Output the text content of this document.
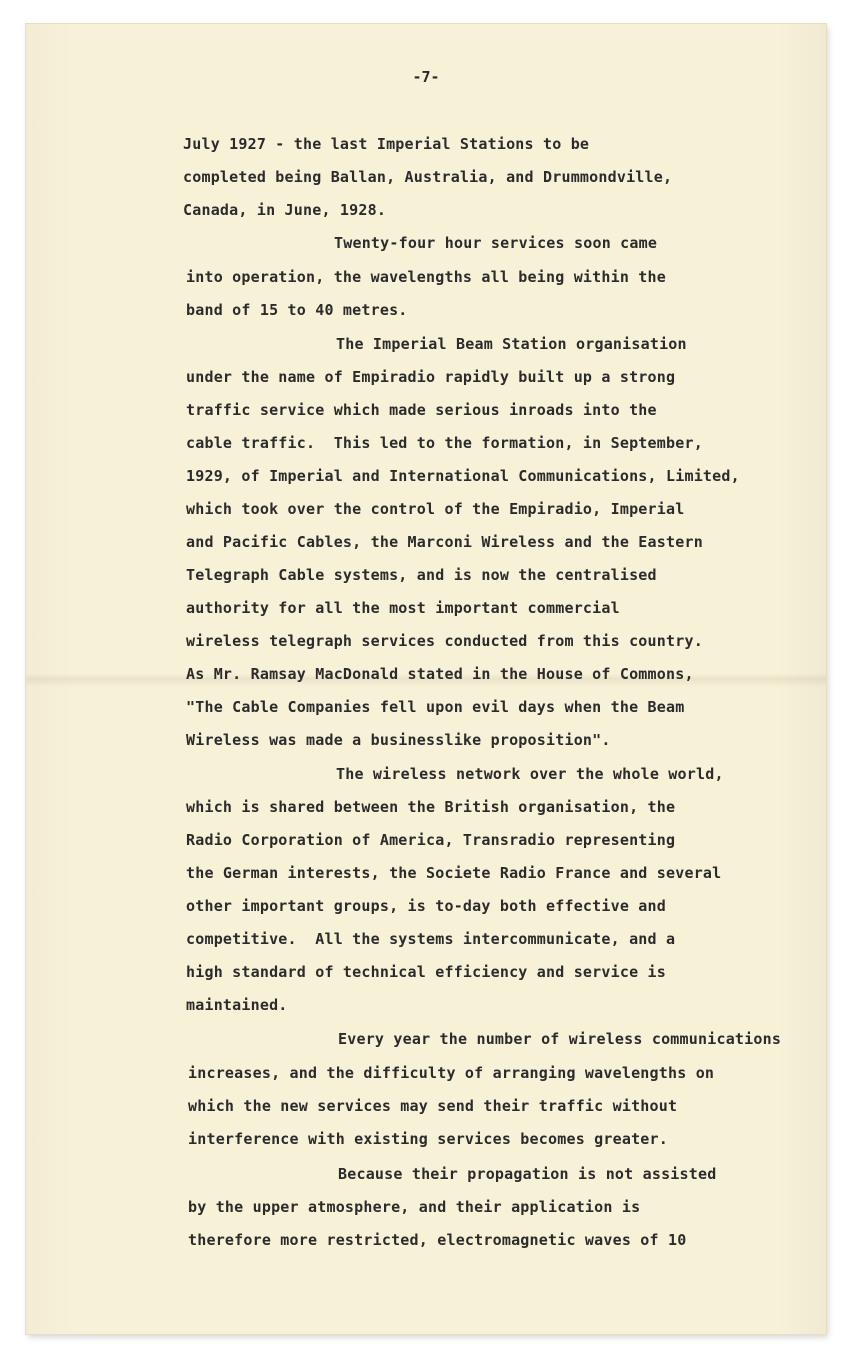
-7-
July 1927 - the last Imperial Stations to be
completed being Ballan, Australia, and Drummondville,
Canada, in June, 1928.
Twenty-four hour services soon came
into operation, the wavelengths all being within the
band of 15 to 40 metres.
The Imperial Beam Station organisation
under the name of Empiradio rapidly built up a strong
traffic service which made serious inroads into the
cable traffic.  This led to the formation, in September,
1929, of Imperial and International Communications, Limited,
which took over the control of the Empiradio, Imperial
and Pacific Cables, the Marconi Wireless and the Eastern
Telegraph Cable systems, and is now the centralised
authority for all the most important commercial
wireless telegraph services conducted from this country.
As Mr. Ramsay MacDonald stated in the House of Commons,
"The Cable Companies fell upon evil days when the Beam
Wireless was made a businesslike proposition".
The wireless network over the whole world,
which is shared between the British organisation, the
Radio Corporation of America, Transradio representing
the German interests, the Societe Radio France and several
other important groups, is to-day both effective and
competitive.  All the systems intercommunicate, and a
high standard of technical efficiency and service is
maintained.
Every year the number of wireless communications
increases, and the difficulty of arranging wavelengths on
which the new services may send their traffic without
interference with existing services becomes greater.
Because their propagation is not assisted
by the upper atmosphere, and their application is
therefore more restricted, electromagnetic waves of 10
